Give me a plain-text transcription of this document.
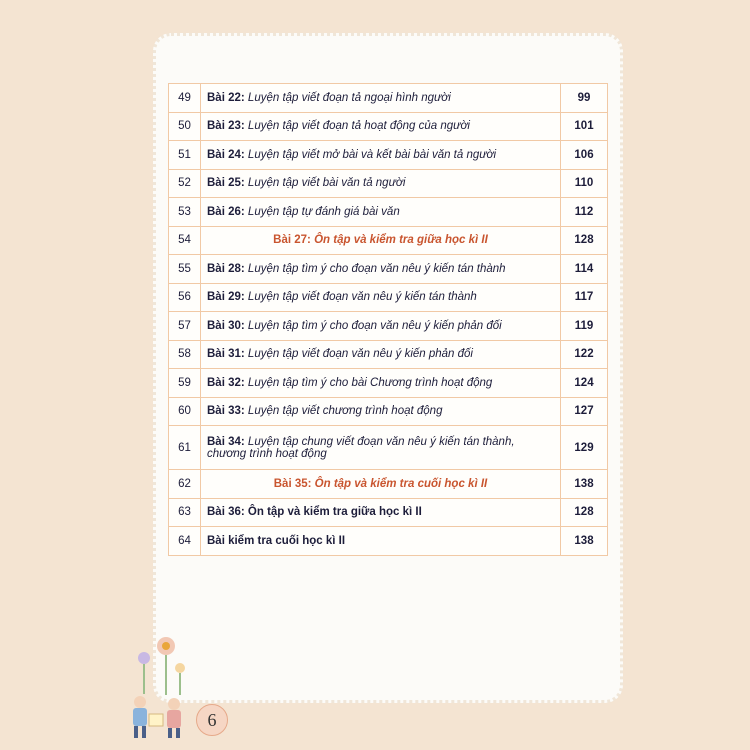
49	Bài 22: Luyện tập viết đoạn tả ngoại hình người	99
50	Bài 23: Luyện tập viết đoạn tả hoạt động của người	101
51	Bài 24: Luyện tập viết mở bài và kết bài bài văn tả người	106
52	Bài 25: Luyện tập viết bài văn tả người	110
53	Bài 26: Luyện tập tự đánh giá bài văn	112
54	Bài 27: Ôn tập và kiểm tra giữa học kì II	128
55	Bài 28: Luyện tập tìm ý cho đoạn văn nêu ý kiến tán thành	114
56	Bài 29: Luyện tập viết đoạn văn nêu ý kiến tán thành	117
57	Bài 30: Luyện tập tìm ý cho đoạn văn nêu ý kiến phản đối	119
58	Bài 31: Luyện tập viết đoạn văn nêu ý kiến phản đối	122
59	Bài 32: Luyện tập tìm ý cho bài Chương trình hoạt động	124
60	Bài 33: Luyện tập viết chương trình hoạt động	127
61	Bài 34: Luyện tập chung viết đoạn văn nêu ý kiến tán thành, chương trình hoạt động	129
62	Bài 35: Ôn tập và kiểm tra cuối học kì II	138
63	Bài 36: Ôn tập và kiểm tra giữa học kì II	128
64	Bài kiểm tra cuối học kì II	138
6
